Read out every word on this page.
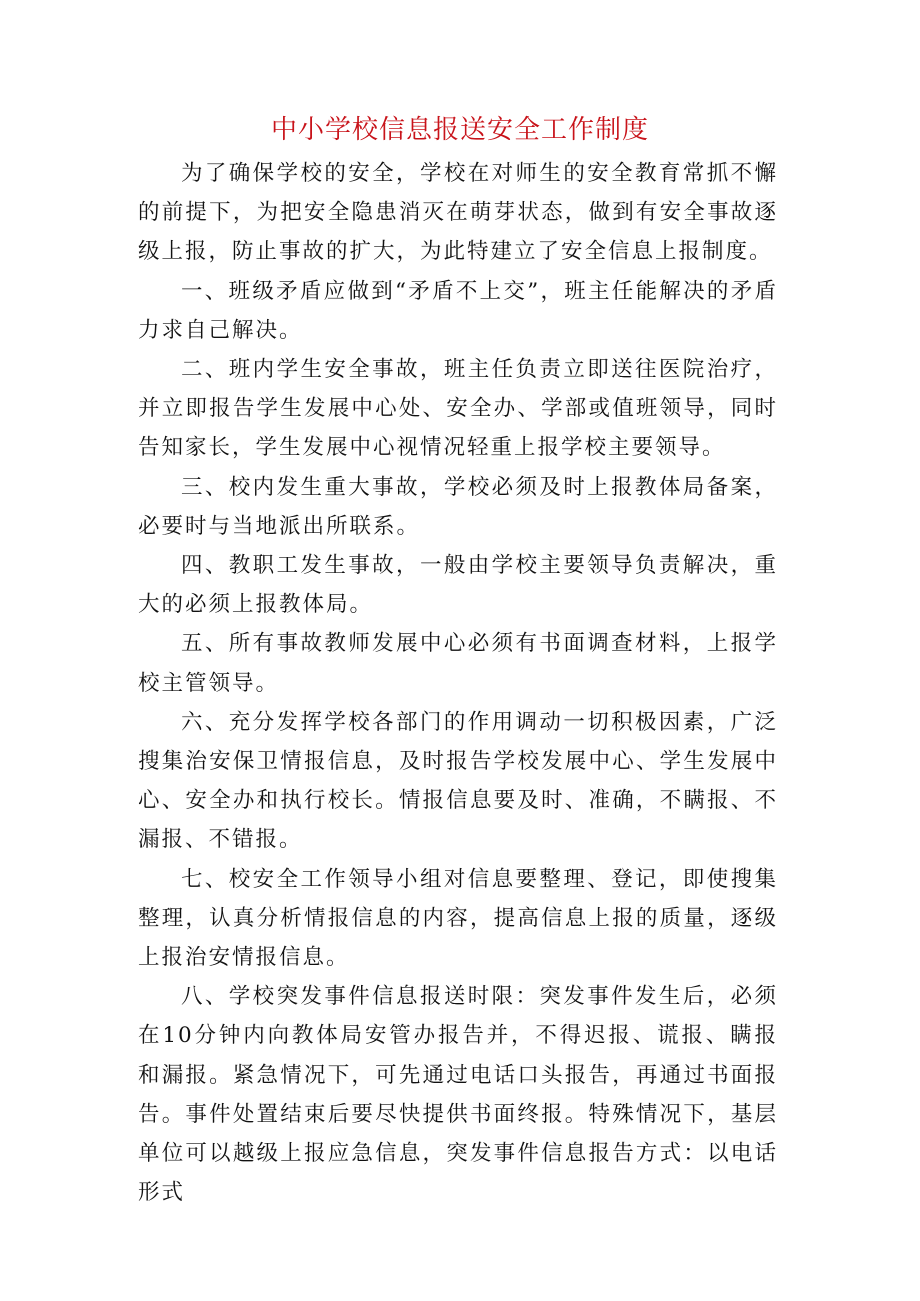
中小学校信息报送安全工作制度

为了确保学校的安全，学校在对师生的安全教育常抓不懈的前提下，为把安全隐患消灭在萌芽状态，做到有安全事故逐级上报，防止事故的扩大，为此特建立了安全信息上报制度。

一、班级矛盾应做到“矛盾不上交”，班主任能解决的矛盾力求自己解决。

二、班内学生安全事故，班主任负责立即送往医院治疗，并立即报告学生发展中心处、安全办、学部或值班领导，同时告知家长，学生发展中心视情况轻重上报学校主要领导。

三、校内发生重大事故，学校必须及时上报教体局备案，必要时与当地派出所联系。

四、教职工发生事故，一般由学校主要领导负责解决，重大的必须上报教体局。

五、所有事故教师发展中心必须有书面调查材料，上报学校主管领导。

六、充分发挥学校各部门的作用调动一切积极因素，广泛搜集治安保卫情报信息，及时报告学校发展中心、学生发展中心、安全办和执行校长。情报信息要及时、准确，不瞒报、不漏报、不错报。

七、校安全工作领导小组对信息要整理、登记，即使搜集整理，认真分析情报信息的内容，提高信息上报的质量，逐级上报治安情报信息。

八、学校突发事件信息报送时限：突发事件发生后，必须在10分钟内向教体局安管办报告并，不得迟报、谎报、瞒报和漏报。紧急情况下，可先通过电话口头报告，再通过书面报告。事件处置结束后要尽快提供书面终报。特殊情况下，基层单位可以越级上报应急信息，突发事件信息报告方式：以电话形式
